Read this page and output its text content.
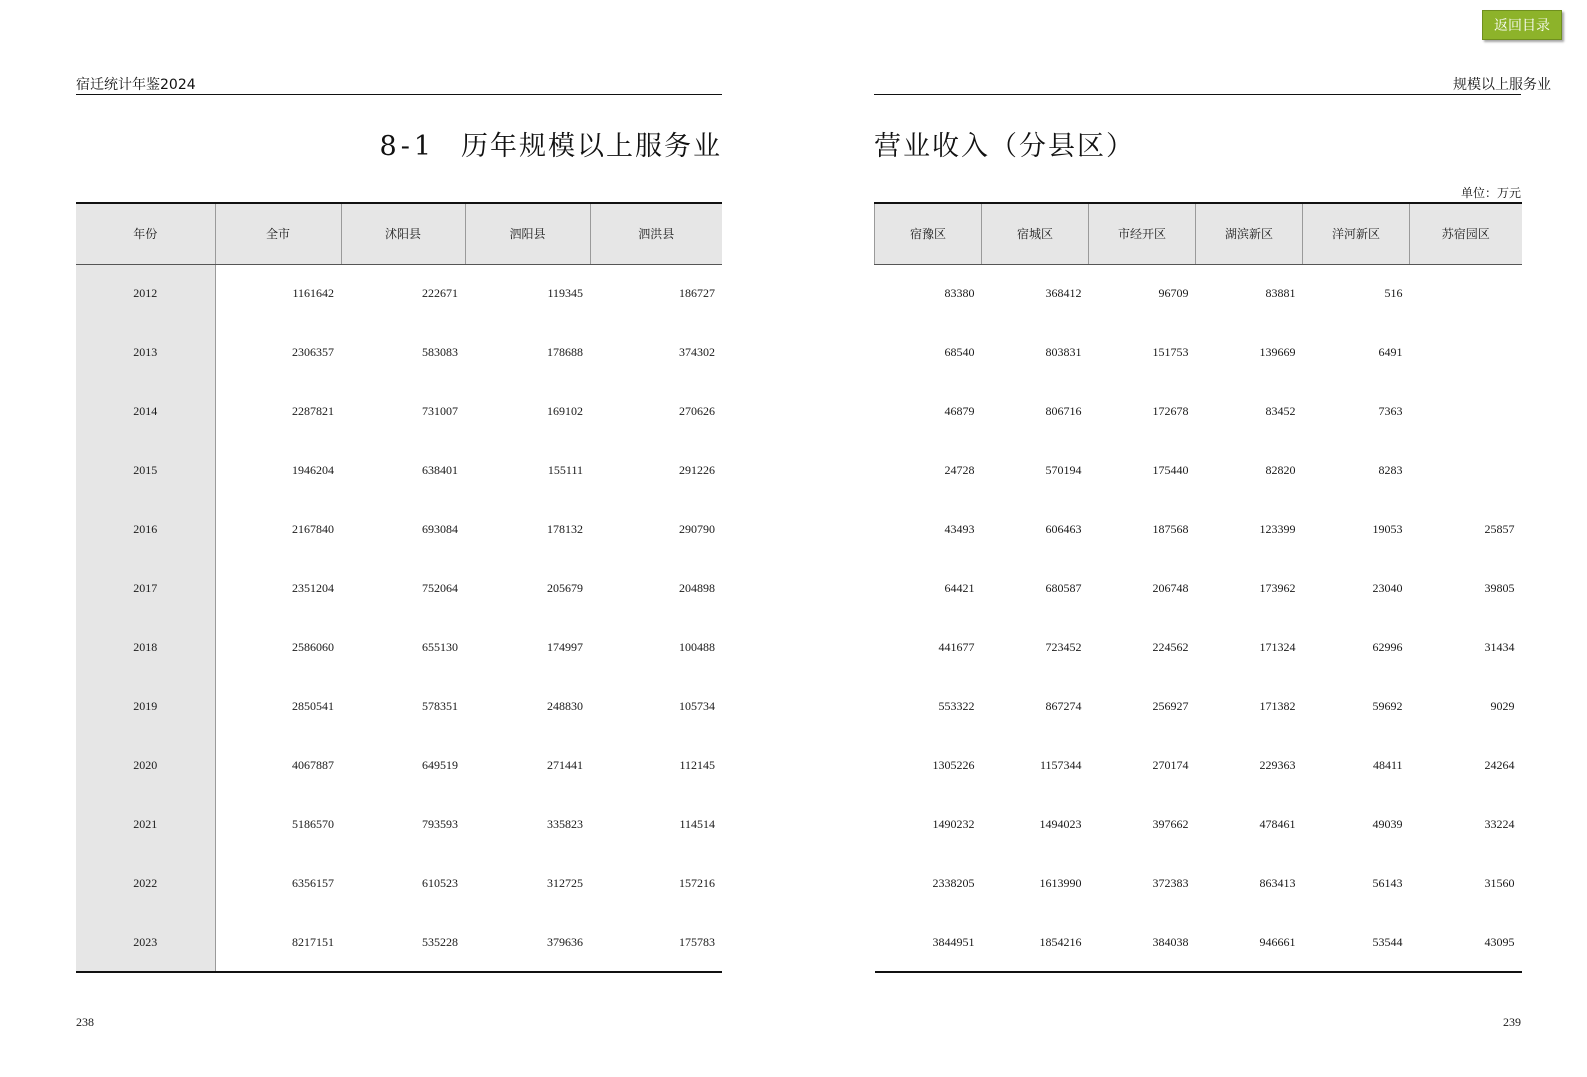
返回目录
宿迁统计年鉴2024	规模以上服务业
8-1 历年规模以上服务业	营业收入（分县区）
单位：万元
年份	全市	沭阳县	泗阳县	泗洪县
2012	1161642	222671	119345	186727
2013	2306357	583083	178688	374302
2014	2287821	731007	169102	270626
2015	1946204	638401	155111	291226
2016	2167840	693084	178132	290790
2017	2351204	752064	205679	204898
2018	2586060	655130	174997	100488
2019	2850541	578351	248830	105734
2020	4067887	649519	271441	112145
2021	5186570	793593	335823	114514
2022	6356157	610523	312725	157216
2023	8217151	535228	379636	175783
宿豫区	宿城区	市经开区	湖滨新区	洋河新区	苏宿园区
83380	368412	96709	83881	516	
68540	803831	151753	139669	6491	
46879	806716	172678	83452	7363	
24728	570194	175440	82820	8283	
43493	606463	187568	123399	19053	25857
64421	680587	206748	173962	23040	39805
441677	723452	224562	171324	62996	31434
553322	867274	256927	171382	59692	9029
1305226	1157344	270174	229363	48411	24264
1490232	1494023	397662	478461	49039	33224
2338205	1613990	372383	863413	56143	31560
3844951	1854216	384038	946661	53544	43095
238	239
